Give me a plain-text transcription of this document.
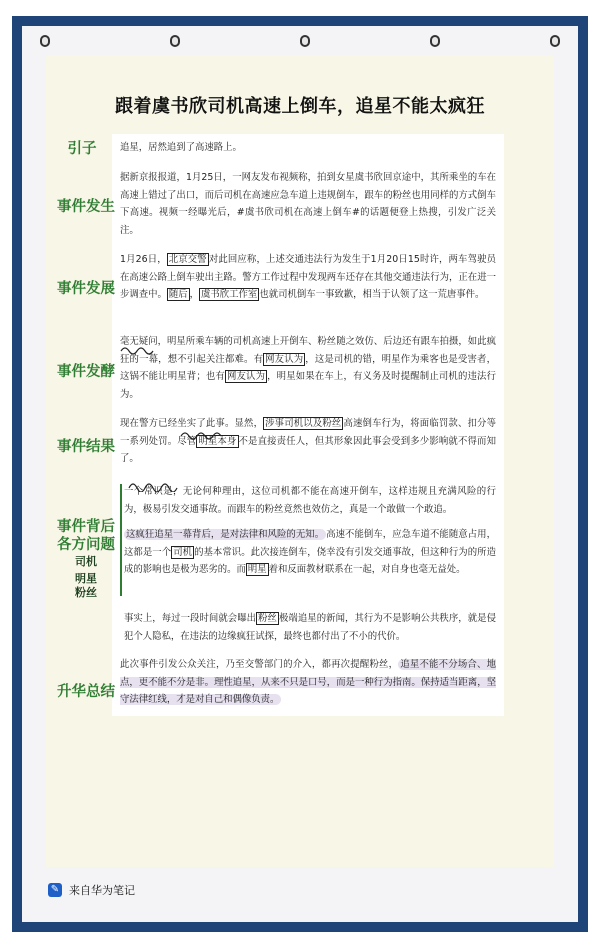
跟着虞书欣司机高速上倒车，追星不能太疯狂
引子
事件发生
事件发展
事件发酵
事件结果
事件背后
各方问题
司机
明星
粉丝
升华总结
追星，居然追到了高速路上。
据新京报报道，1月25日，一网友发布视频称，拍到女星虞书欣回京途中，其所乘坐的车在高速上错过了出口，而后司机在高速应急车道上违规倒车，跟车的粉丝也用同样的方式倒车下高速。视频一经曝光后，#虞书欣司机在高速上倒车#的话题便登上热搜，引发广泛关注。
1月26日， 北京交警 对此回应称，上述交通违法行为发生于1月20日15时许，两车驾驶员在高速公路上倒车驶出主路。警方工作过程中发现两车还存在其他交通违法行为，正在进一步调查中。 随后 ， 虞书欣工作室 也就司机倒车一事致歉，相当于认领了这一荒唐事件。
毫无疑问，明星所乘车辆的司机高速上开倒车、粉丝随之效仿、后边还有跟车拍摄，如此疯狂的一幕，想不引起关注都难。有 网友认为 ，这是司机的错，明星作为乘客也是受害者，这锅不能让明星背；也有 网友认为 ，明星如果在车上，有义务及时提醒制止司机的违法行为。
现在警方已经坐实了此事。显然， 涉事司机以及粉丝 高速倒车行为，将面临罚款、扣分等一系列处罚。尽管 明星本身 不是直接责任人，但其形象因此事会受到多少影响就不得而知了。
一个常识是，无论何种理由，这位司机都不能在高速开倒车，这样违规且充满风险的行为，极易引发交通事故。而跟车的粉丝竟然也效仿之，真是一个敢做一个敢追。
这疯狂追星一幕背后，是对法律和风险的无知。 高速不能倒车，应急车道不能随意占用，这都是一个 司机 的基本常识。此次接连倒车，侥幸没有引发交通事故，但这种行为的所造成的影响也是极为恶劣的。而 明星 着和反面教材联系在一起，对自身也毫无益处。
事实上，每过一段时间就会曝出 粉丝 极端追星的新闻，其行为不是影响公共秩序，就是侵犯个人隐私，在违法的边缘疯狂试探，最终也都付出了不小的代价。
此次事件引发公众关注，乃至交警部门的介入，都再次提醒粉丝， 追星不能不分场合、地点，更不能不分是非。理性追星，从来不只是口号，而是一种行为指南。保持适当距离，坚守法律红线，才是对自己和偶像负责。
✎ 来自华为笔记
